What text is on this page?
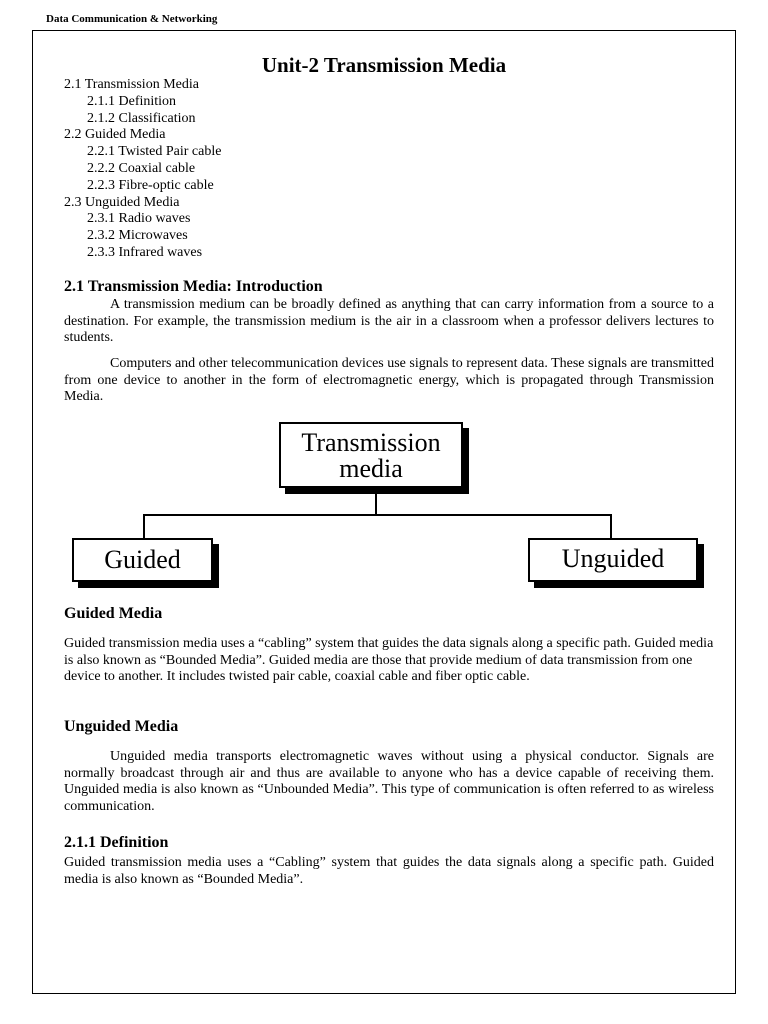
Data Communication & Networking
Unit-2 Transmission Media
2.1 Transmission Media
2.1.1 Definition
2.1.2 Classification
2.2 Guided Media
2.2.1 Twisted Pair cable
2.2.2 Coaxial cable
2.2.3 Fibre-optic cable
2.3 Unguided Media
2.3.1 Radio waves
2.3.2 Microwaves
2.3.3 Infrared waves
2.1 Transmission Media: Introduction

A transmission medium can be broadly defined as anything that can carry information from a source to a destination. For example, the transmission medium is the air in a classroom when a professor delivers lectures to students.

Computers and other telecommunication devices use signals to represent data. These signals are transmitted from one device to another in the form of electromagnetic energy, which is propagated through Transmission Media.

Transmission
media
Guided	Unguided
Guided Media

Guided transmission media uses a “cabling” system that guides the data signals along a specific path. Guided media is also known as “Bounded Media”. Guided media are those that provide medium of data transmission from one device to another. It includes twisted pair cable, coaxial cable and fiber optic cable.

Unguided Media

Unguided media transports electromagnetic waves without using a physical conductor. Signals are normally broadcast through air and thus are available to anyone who has a device capable of receiving them. Unguided media is also known as “Unbounded Media”. This type of communication is often referred to as wireless communication.

2.1.1 Definition

Guided transmission media uses a “Cabling” system that guides the data signals along a specific path. Guided media is also known as “Bounded Media”.
